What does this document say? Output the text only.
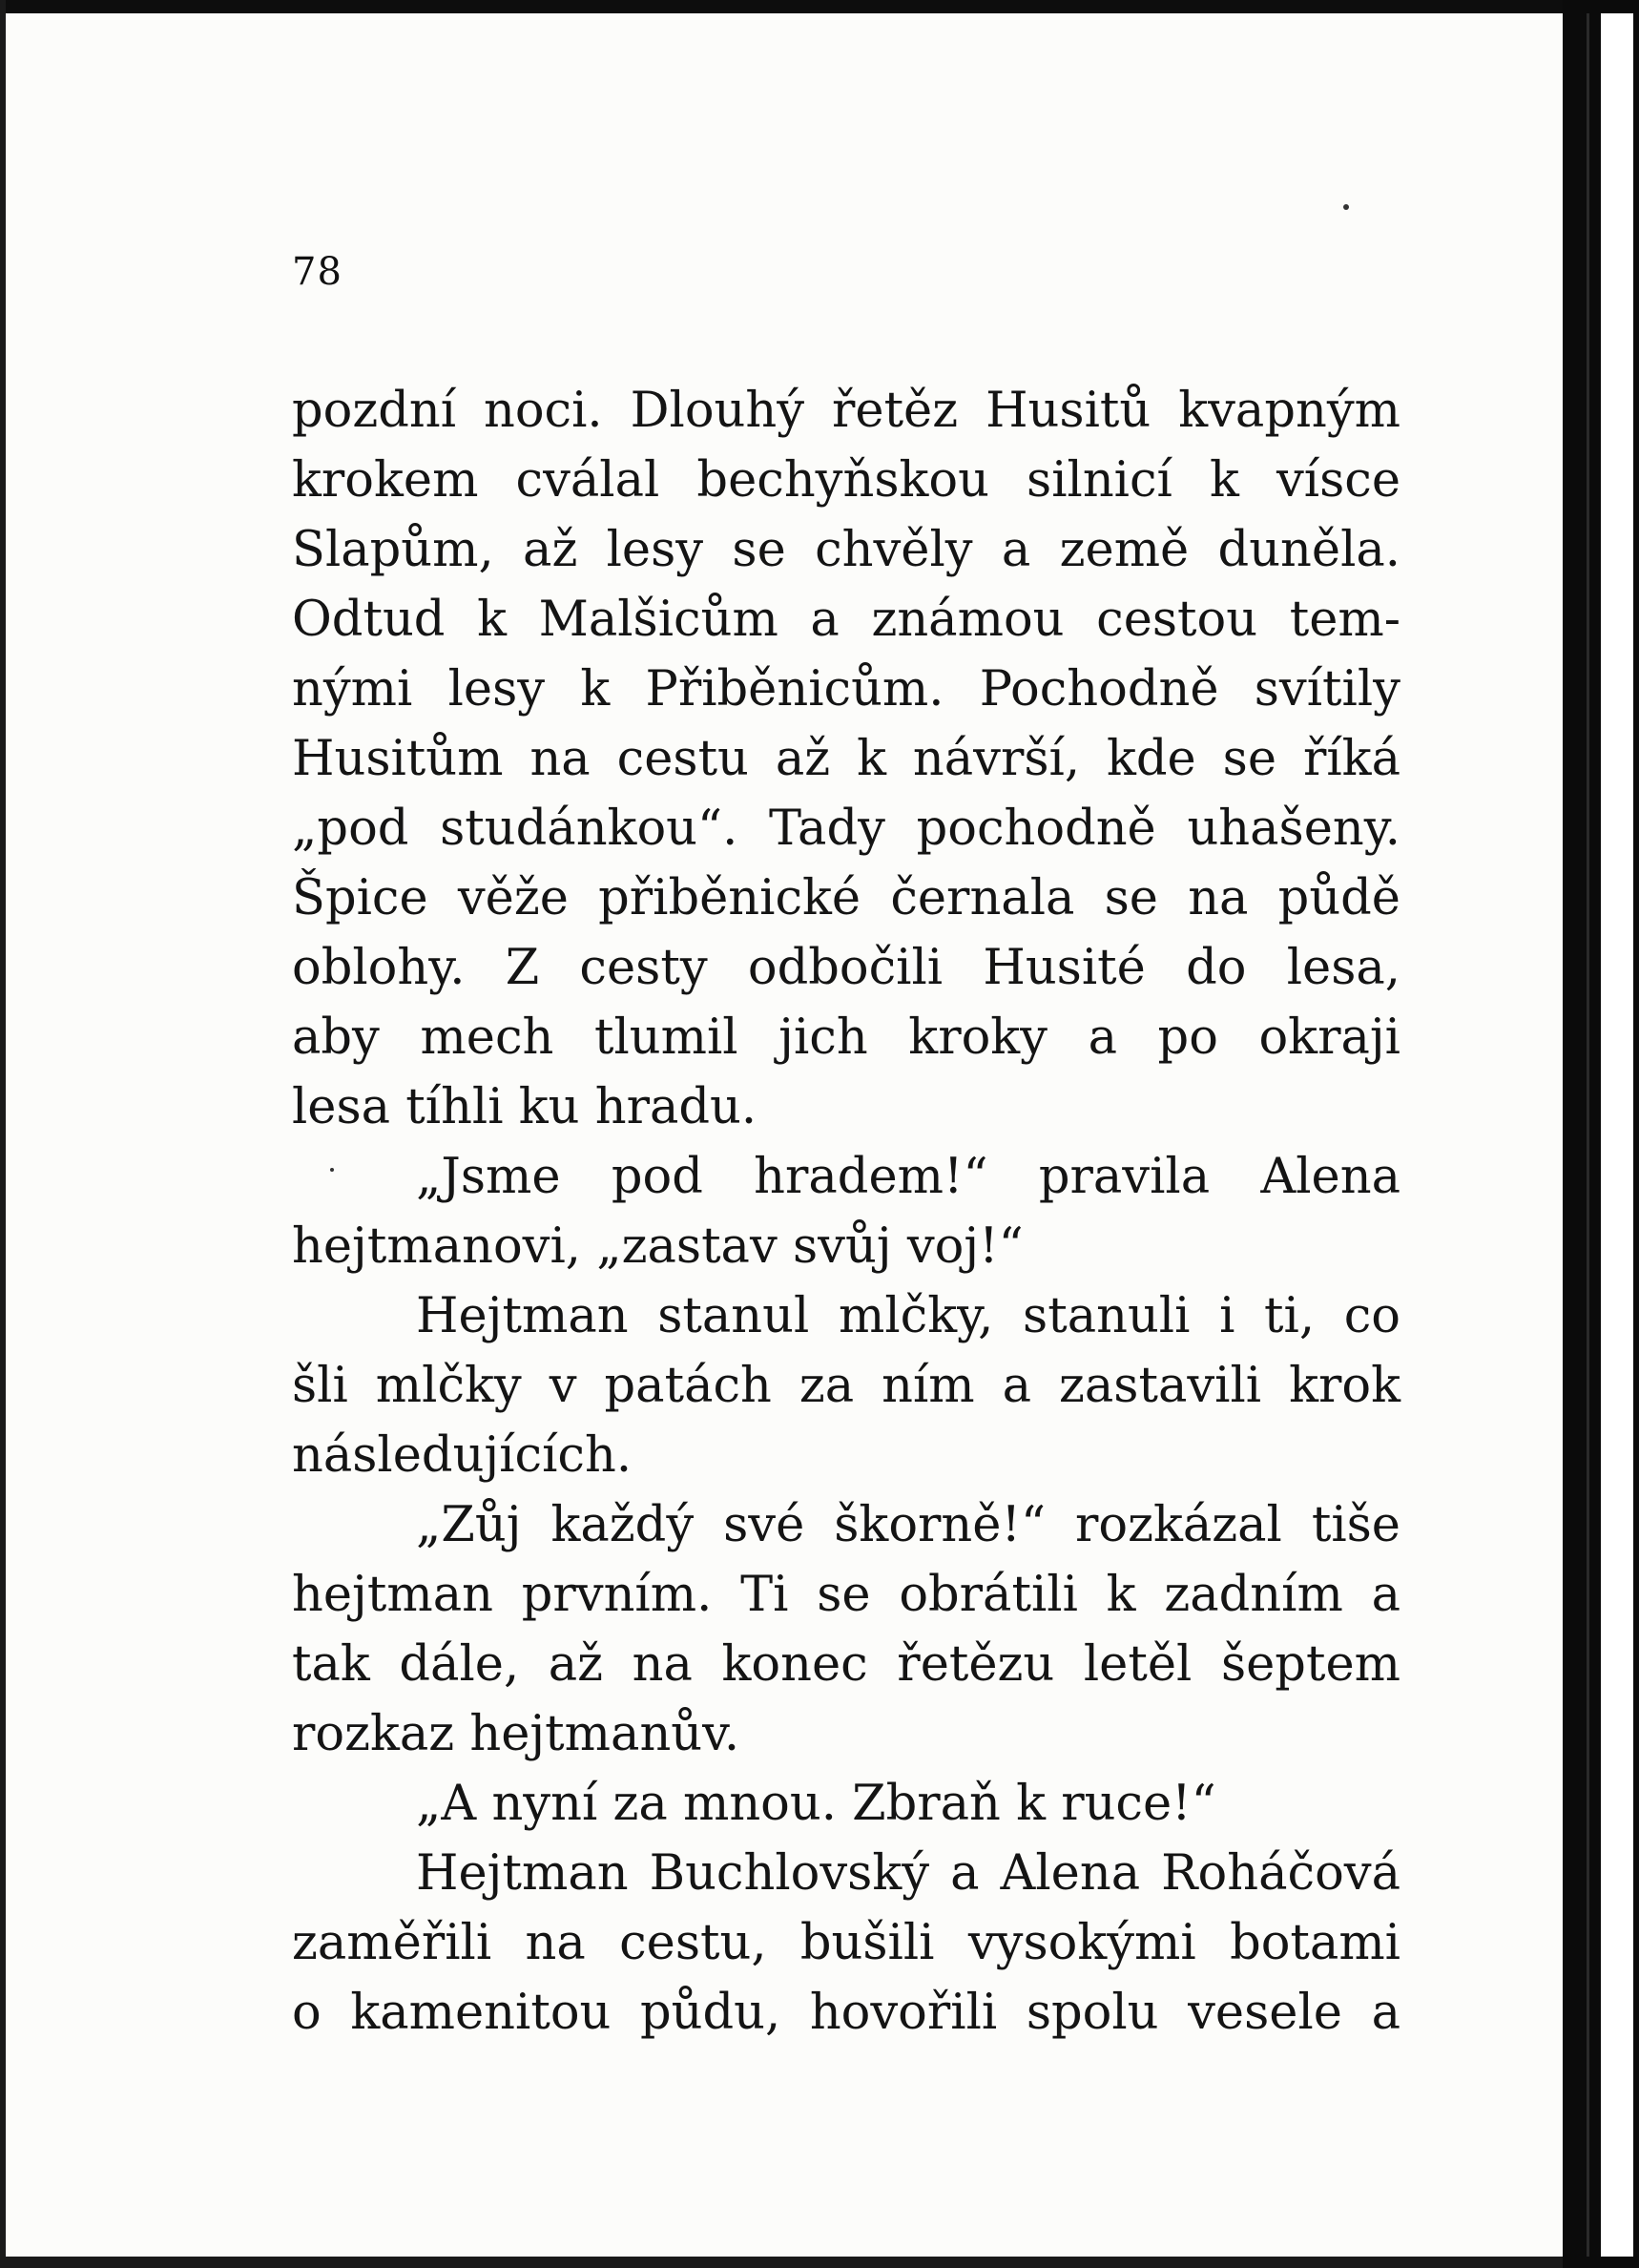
78

pozdní noci. Dlouhý řetěz Husitů kvapným
krokem cválal bechyňskou silnicí k vísce
Slapům, až lesy se chvěly a země duněla.
Odtud k Malšicům a známou cestou tem-
nými lesy k Přiběnicům. Pochodně svítily
Husitům na cestu až k návrší, kde se říká
„pod studánkou“. Tady pochodně uhašeny.
Špice věže přiběnické černala se na půdě
oblohy. Z cesty odbočili Husité do lesa,
aby mech tlumil jich kroky a po okraji
lesa tíhli ku hradu.

„Jsme pod hradem!“ pravila Alena
hejtmanovi, „zastav svůj voj!“

Hejtman stanul mlčky, stanuli i ti, co
šli mlčky v patách za ním a zastavili krok
následujících.

„Zůj každý své škorně!“ rozkázal tiše
hejtman prvním. Ti se obrátili k zadním a
tak dále, až na konec řetězu letěl šeptem
rozkaz hejtmanův.

„A nyní za mnou. Zbraň k ruce!“

Hejtman Buchlovský a Alena Roháčová
zaměřili na cestu, bušili vysokými botami
o kamenitou půdu, hovořili spolu vesele a
